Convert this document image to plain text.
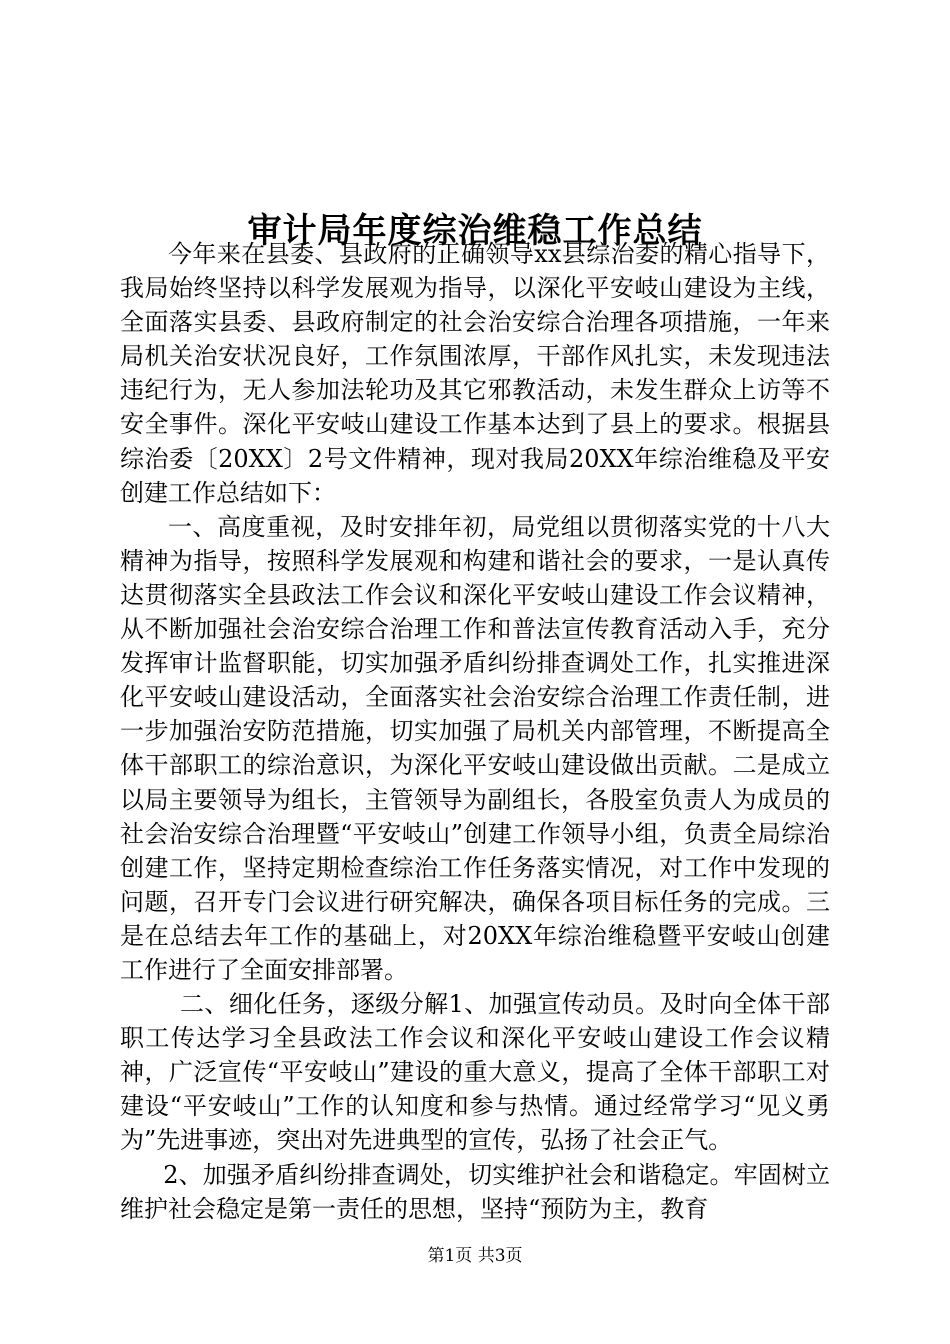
审计局年度综治维稳工作总结

今年来在县委、县政府的正确领导xx县综治委的精心指导下，我局始终坚持以科学发展观为指导，以深化平安岐山建设为主线，全面落实县委、县政府制定的社会治安综合治理各项措施，一年来局机关治安状况良好，工作氛围浓厚，干部作风扎实，未发现违法违纪行为，无人参加法轮功及其它邪教活动，未发生群众上访等不安全事件。深化平安岐山建设工作基本达到了县上的要求。根据县综治委〔20XX〕2号文件精神，现对我局20XX年综治维稳及平安创建工作总结如下：

一、高度重视，及时安排年初，局党组以贯彻落实党的十八大精神为指导，按照科学发展观和构建和谐社会的要求，一是认真传达贯彻落实全县政法工作会议和深化平安岐山建设工作会议精神，从不断加强社会治安综合治理工作和普法宣传教育活动入手，充分发挥审计监督职能，切实加强矛盾纠纷排查调处工作，扎实推进深化平安岐山建设活动，全面落实社会治安综合治理工作责任制，进一步加强治安防范措施，切实加强了局机关内部管理，不断提高全体干部职工的综治意识，为深化平安岐山建设做出贡献。二是成立以局主要领导为组长，主管领导为副组长，各股室负责人为成员的社会治安综合治理暨“平安岐山”创建工作领导小组，负责全局综治创建工作，坚持定期检查综治工作任务落实情况，对工作中发现的问题，召开专门会议进行研究解决，确保各项目标任务的完成。三是在总结去年工作的基础上，对20XX年综治维稳暨平安岐山创建工作进行了全面安排部署。

二、细化任务，逐级分解1、加强宣传动员。及时向全体干部职工传达学习全县政法工作会议和深化平安岐山建设工作会议精神，广泛宣传“平安岐山”建设的重大意义，提高了全体干部职工对建设“平安岐山”工作的认知度和参与热情。通过经常学习“见义勇为”先进事迹，突出对先进典型的宣传，弘扬了社会正气。

2、加强矛盾纠纷排查调处，切实维护社会和谐稳定。牢固树立维护社会稳定是第一责任的思想，坚持“预防为主，教育

第1页 共3页
